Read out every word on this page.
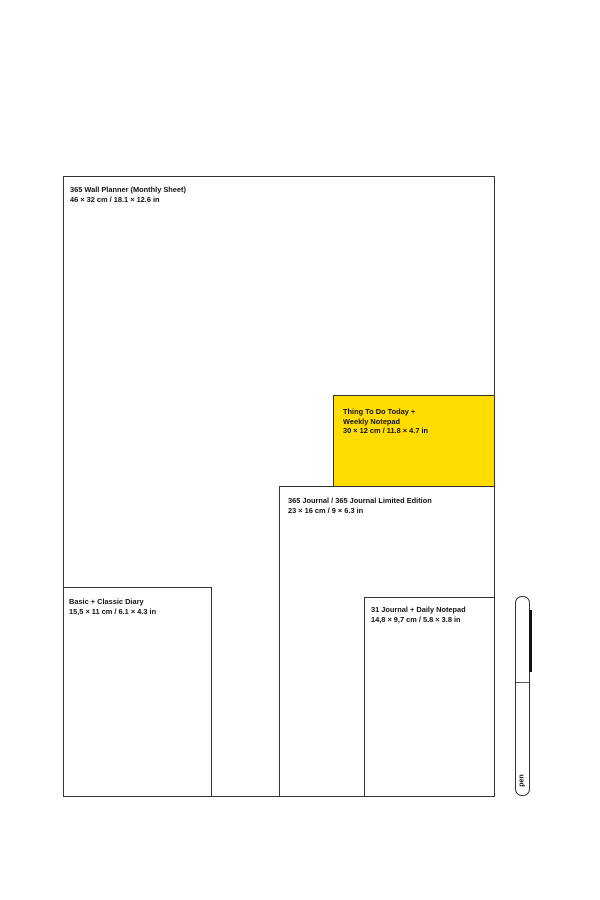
365 Wall Planner (Monthly Sheet)
46 × 32 cm / 18.1 × 12.6 in
Thing To Do Today +
Weekly Notepad
30 × 12 cm / 11.8 × 4.7 in
365 Journal / 365 Journal Limited Edition
23 × 16 cm / 9 × 6.3 in
Basic + Classic Diary
15,5 × 11 cm / 6.1 × 4.3 in	31 Journal + Daily Notepad
14,8 × 9,7 cm / 5.8 × 3.8 in
pen
